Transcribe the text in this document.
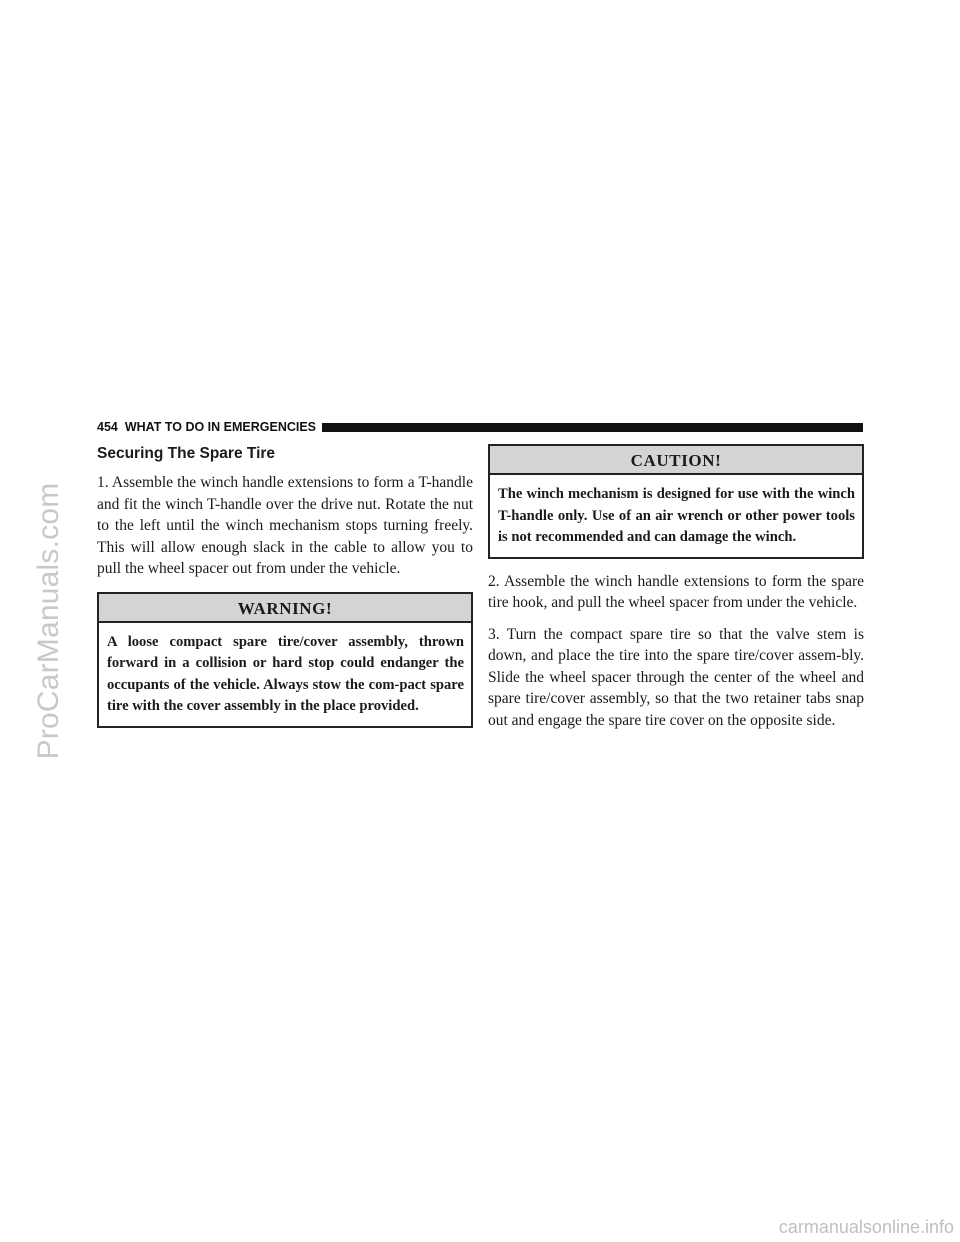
ProCarManuals.com
454 WHAT TO DO IN EMERGENCIES
Securing The Spare Tire

1. Assemble the winch handle extensions to form a T-handle and fit the winch T-handle over the drive nut. Rotate the nut to the left until the winch mechanism stops turning freely. This will allow enough slack in the cable to allow you to pull the wheel spacer out from under the vehicle.

WARNING!
A loose compact spare tire/cover assembly, thrown forward in a collision or hard stop could endanger the occupants of the vehicle. Always stow the com-pact spare tire with the cover assembly in the place provided.
CAUTION!
The winch mechanism is designed for use with the winch T-handle only. Use of an air wrench or other power tools is not recommended and can damage the winch.

2. Assemble the winch handle extensions to form the spare tire hook, and pull the wheel spacer from under the vehicle.

3. Turn the compact spare tire so that the valve stem is down, and place the tire into the spare tire/cover assem-bly. Slide the wheel spacer through the center of the wheel and spare tire/cover assembly, so that the two retainer tabs snap out and engage the spare tire cover on the opposite side.

carmanualsonline.info
